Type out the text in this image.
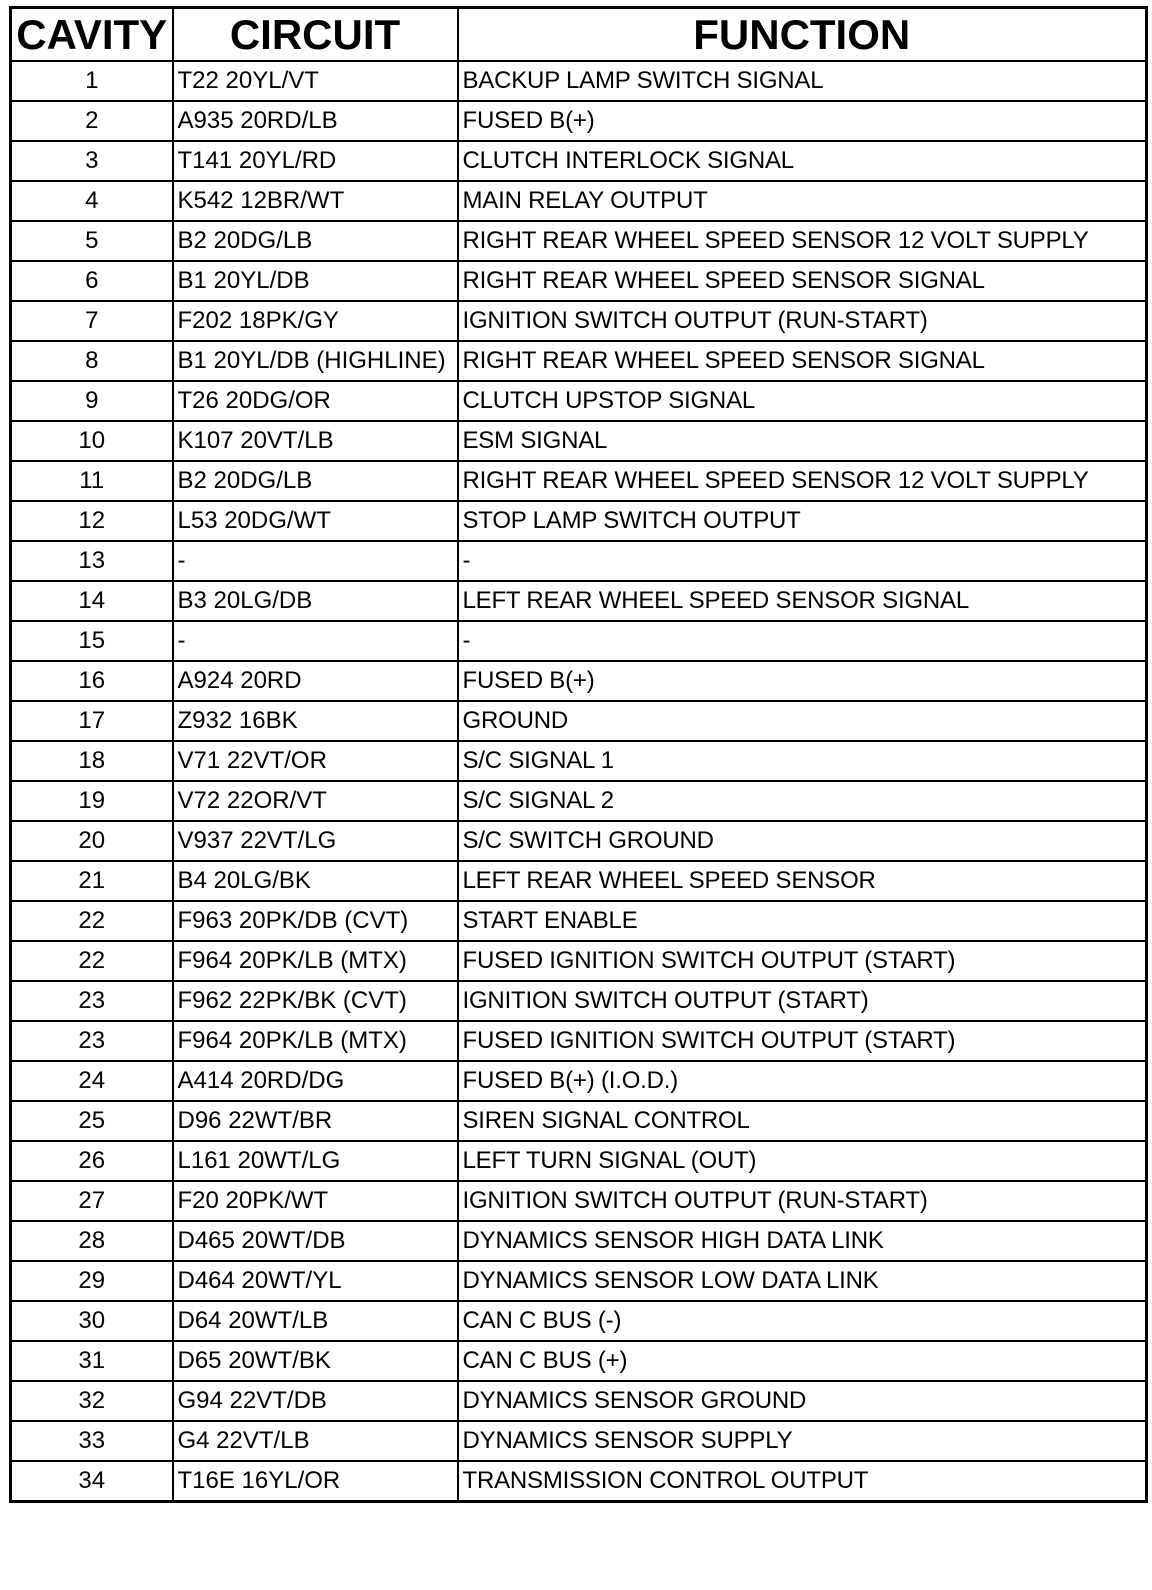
CAVITY	CIRCUIT	FUNCTION
1	T22 20YL/VT	BACKUP LAMP SWITCH SIGNAL
2	A935 20RD/LB	FUSED B(+)
3	T141 20YL/RD	CLUTCH INTERLOCK SIGNAL
4	K542 12BR/WT	MAIN RELAY OUTPUT
5	B2 20DG/LB	RIGHT REAR WHEEL SPEED SENSOR 12 VOLT SUPPLY
6	B1 20YL/DB	RIGHT REAR WHEEL SPEED SENSOR SIGNAL
7	F202 18PK/GY	IGNITION SWITCH OUTPUT (RUN-START)
8	B1 20YL/DB (HIGHLINE)	RIGHT REAR WHEEL SPEED SENSOR SIGNAL
9	T26 20DG/OR	CLUTCH UPSTOP SIGNAL
10	K107 20VT/LB	ESM SIGNAL
11	B2 20DG/LB	RIGHT REAR WHEEL SPEED SENSOR 12 VOLT SUPPLY
12	L53 20DG/WT	STOP LAMP SWITCH OUTPUT
13	-	-
14	B3 20LG/DB	LEFT REAR WHEEL SPEED SENSOR SIGNAL
15	-	-
16	A924 20RD	FUSED B(+)
17	Z932 16BK	GROUND
18	V71 22VT/OR	S/C SIGNAL 1
19	V72 22OR/VT	S/C SIGNAL 2
20	V937 22VT/LG	S/C SWITCH GROUND
21	B4 20LG/BK	LEFT REAR WHEEL SPEED SENSOR
22	F963 20PK/DB (CVT)	START ENABLE
22	F964 20PK/LB (MTX)	FUSED IGNITION SWITCH OUTPUT (START)
23	F962 22PK/BK (CVT)	IGNITION SWITCH OUTPUT (START)
23	F964 20PK/LB (MTX)	FUSED IGNITION SWITCH OUTPUT (START)
24	A414 20RD/DG	FUSED B(+) (I.O.D.)
25	D96 22WT/BR	SIREN SIGNAL CONTROL
26	L161 20WT/LG	LEFT TURN SIGNAL (OUT)
27	F20 20PK/WT	IGNITION SWITCH OUTPUT (RUN-START)
28	D465 20WT/DB	DYNAMICS SENSOR HIGH DATA LINK
29	D464 20WT/YL	DYNAMICS SENSOR LOW DATA LINK
30	D64 20WT/LB	CAN C BUS (-)
31	D65 20WT/BK	CAN C BUS (+)
32	G94 22VT/DB	DYNAMICS SENSOR GROUND
33	G4 22VT/LB	DYNAMICS SENSOR SUPPLY
34	T16E 16YL/OR	TRANSMISSION CONTROL OUTPUT
